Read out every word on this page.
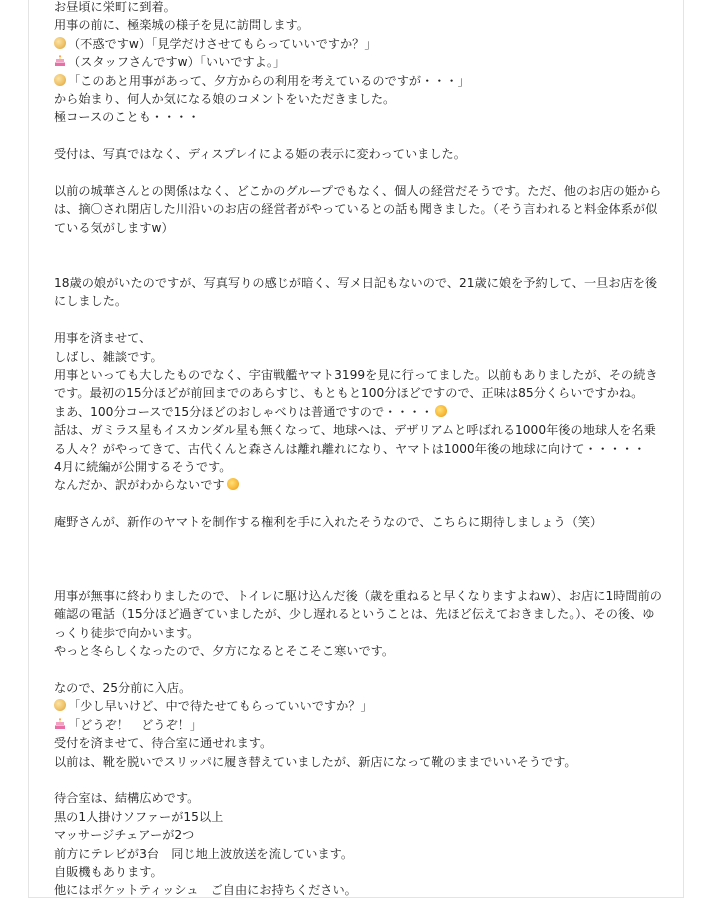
お昼頃に栄町に到着。
用事の前に、極楽城の様子を見に訪問します。
（不惑ですw）「見学だけさせてもらっていいですか？」
（スタッフさんですw）「いいですよ。」
「このあと用事があって、夕方からの利用を考えているのですが・・・」
から始まり、何人か気になる娘のコメントをいただきました。
極コースのことも・・・・
受付は、写真ではなく、ディスプレイによる姫の表示に変わっていました。
以前の城華さんとの関係はなく、どこかのグループでもなく、個人の経営だそうです。ただ、他のお店の姫からは、摘〇され閉店した川沿いのお店の経営者がやっているとの話も聞きました。（そう言われると料金体系が似ている気がしますw）
18歳の娘がいたのですが、写真写りの感じが暗く、写メ日記もないので、21歳に娘を予約して、一旦お店を後にしました。
用事を済ませて、
しばし、雑談です。
用事といっても大したものでなく、宇宙戦艦ヤマト3199を見に行ってました。以前もありましたが、その続きです。最初の15分ほどが前回までのあらすじ、もともと100分ほどですので、正味は85分くらいですかね。
まあ、100分コースで15分ほどのおしゃべりは普通ですので・・・・
話は、ガミラス星もイスカンダル星も無くなって、地球へは、デザリアムと呼ばれる1000年後の地球人を名乗る人々？がやってきて、古代くんと森さんは離れ離れになり、ヤマトは1000年後の地球に向けて・・・・・
4月に続編が公開するそうです。
なんだか、訳がわからないです
庵野さんが、新作のヤマトを制作する権利を手に入れたそうなので、こちらに期待しましょう（笑）
用事が無事に終わりましたので、トイレに駆け込んだ後（歳を重ねると早くなりますよねw）、お店に1時間前の確認の電話（15分ほど過ぎていましたが、少し遅れるということは、先ほど伝えておきました。）、その後、ゆっくり徒歩で向かいます。
やっと冬らしくなったので、夕方になるとそこそこ寒いです。
なので、25分前に入店。
「少し早いけど、中で待たせてもらっていいですか？」
「どうぞ！　どうぞ！」
受付を済ませて、待合室に通せれます。
以前は、靴を脱いでスリッパに履き替えていましたが、新店になって靴のままでいいそうです。
待合室は、結構広めです。
黒の1人掛けソファーが15以上
マッサージチェアーが2つ
前方にテレビが3台　同じ地上波放送を流しています。
自販機もあります。
他にはポケットティッシュ　ご自由にお持ちください。
